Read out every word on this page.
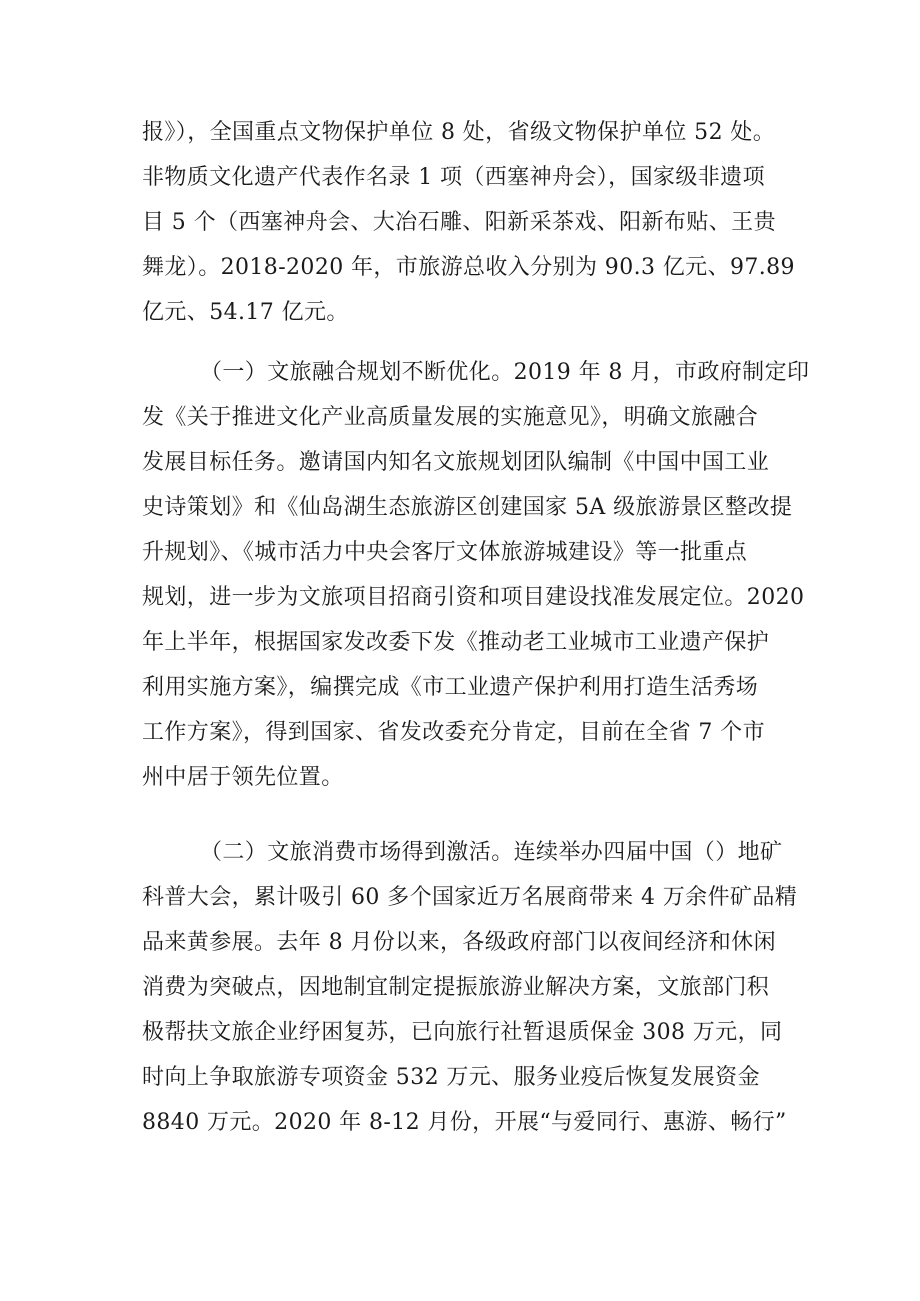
报》），全国重点文物保护单位 8 处，省级文物保护单位 52 处。
非物质文化遗产代表作名录 1 项（西塞神舟会），国家级非遗项
目 5 个（西塞神舟会、大冶石雕、阳新采茶戏、阳新布贴、王贵
舞龙）。2018-2020 年，市旅游总收入分别为 90.3 亿元、97.89
亿元、54.17 亿元。
（一）文旅融合规划不断优化。2019 年 8 月，市政府制定印
发《关于推进文化产业高质量发展的实施意见》，明确文旅融合
发展目标任务。邀请国内知名文旅规划团队编制《中国中国工业
史诗策划》和《仙岛湖生态旅游区创建国家 5A 级旅游景区整改提
升规划》、《城市活力中央会客厅文体旅游城建设》等一批重点
规划，进一步为文旅项目招商引资和项目建设找准发展定位。2020
年上半年，根据国家发改委下发《推动老工业城市工业遗产保护
利用实施方案》，编撰完成《市工业遗产保护利用打造生活秀场
工作方案》，得到国家、省发改委充分肯定，目前在全省 7 个市
州中居于领先位置。
（二）文旅消费市场得到激活。连续举办四届中国（）地矿
科普大会，累计吸引 60 多个国家近万名展商带来 4 万余件矿品精
品来黄参展。去年 8 月份以来，各级政府部门以夜间经济和休闲
消费为突破点，因地制宜制定提振旅游业解决方案，文旅部门积
极帮扶文旅企业纾困复苏，已向旅行社暂退质保金 308 万元，同
时向上争取旅游专项资金 532 万元、服务业疫后恢复发展资金
8840 万元。2020 年 8-12 月份，开展“与爱同行、惠游、畅行”
